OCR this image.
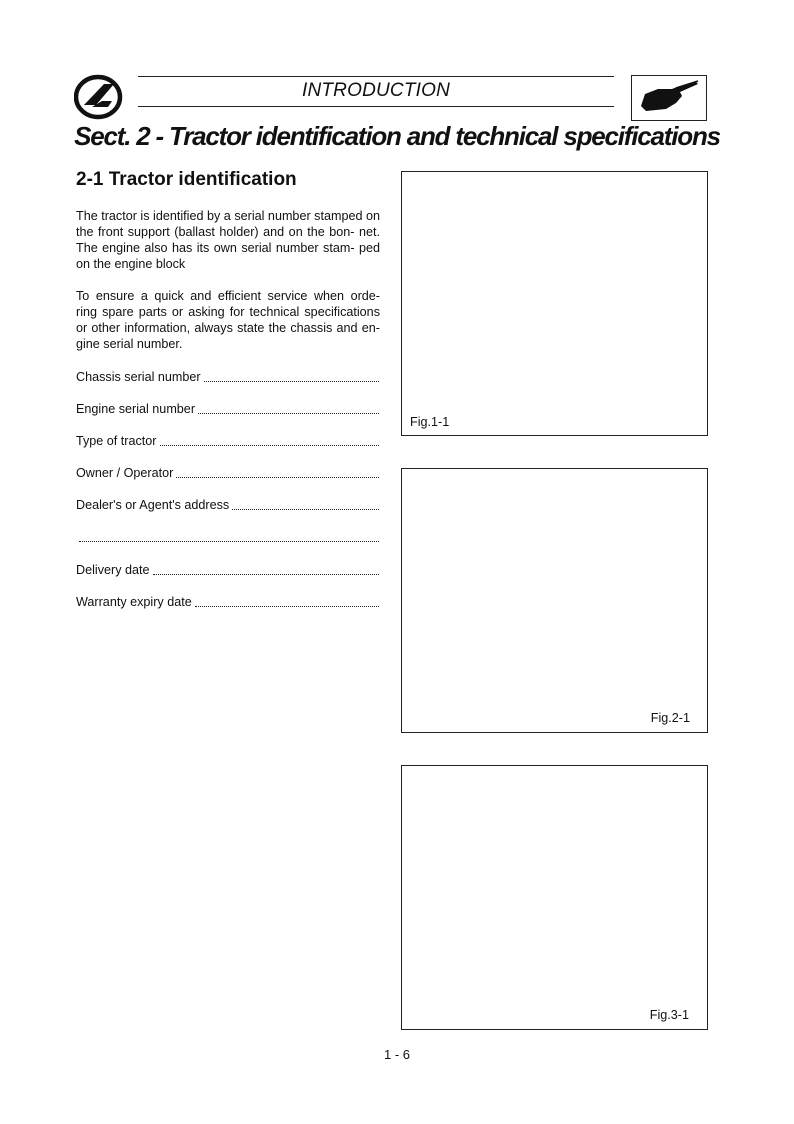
INTRODUCTION
Sect. 2 - Tractor identification and technical specifications
2-1 Tractor identification

The tractor is identified by a serial number stamped on the front support (ballast holder) and on the bon- net. The engine also has its own serial number stam- ped on the engine block

To ensure a quick and efficient service when orde- ring spare parts or asking for technical specifications or other information, always state the chassis and en- gine serial number.

Chassis serial number
Engine serial number
Type of tractor
Owner / Operator
Dealer's or Agent's address
Delivery date
Warranty expiry date
Fig.1-1
Fig.2-1
Fig.3-1
1 - 6
